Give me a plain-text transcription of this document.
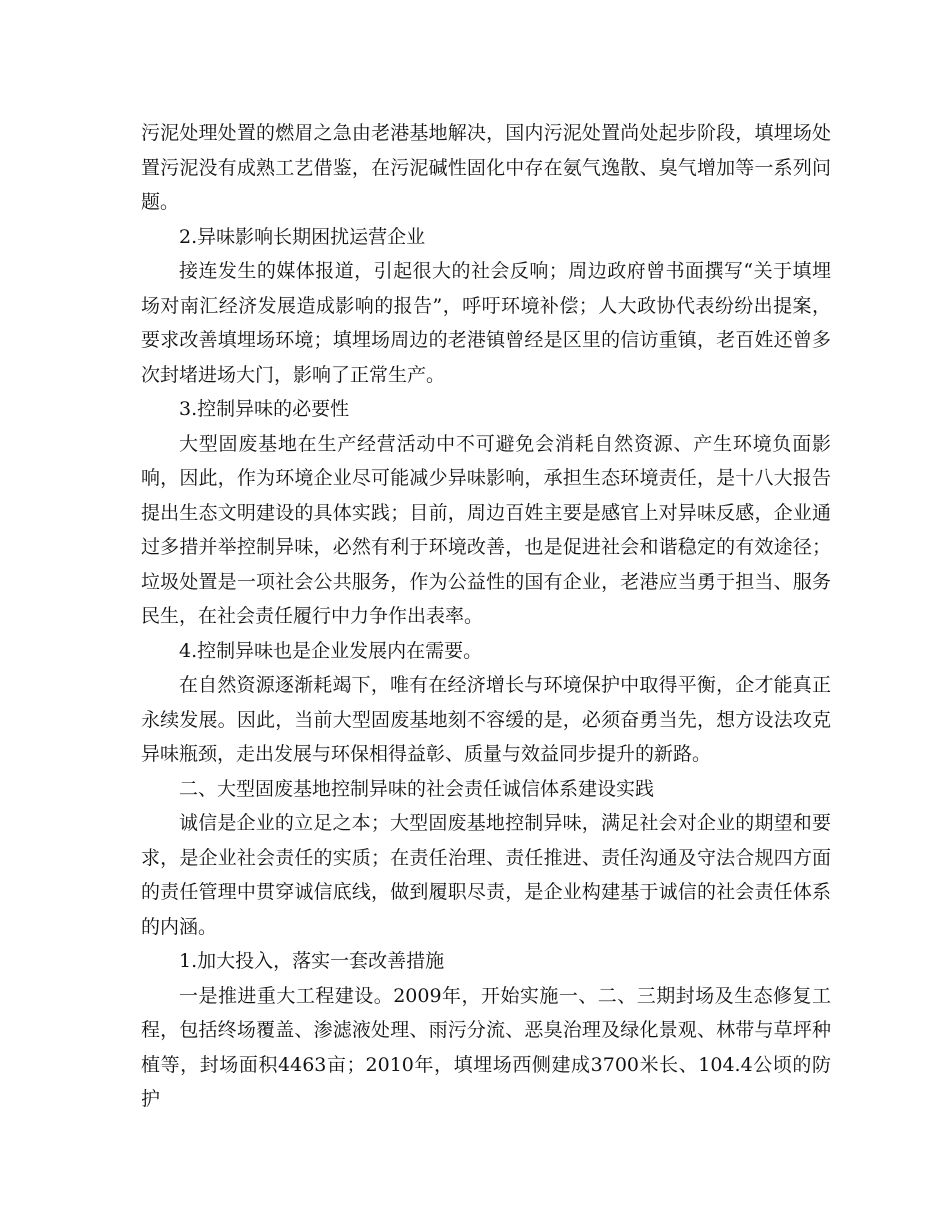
污泥处理处置的燃眉之急由老港基地解决，国内污泥处置尚处起步阶段，填埋场处置污泥没有成熟工艺借鉴，在污泥碱性固化中存在氨气逸散、臭气增加等一系列问题。

2.异味影响长期困扰运营企业

接连发生的媒体报道，引起很大的社会反响；周边政府曾书面撰写“关于填埋场对南汇经济发展造成影响的报告”，呼吁环境补偿；人大政协代表纷纷出提案，要求改善填埋场环境；填埋场周边的老港镇曾经是区里的信访重镇，老百姓还曾多次封堵进场大门，影响了正常生产。

3.控制异味的必要性

大型固废基地在生产经营活动中不可避免会消耗自然资源、产生环境负面影响，因此，作为环境企业尽可能减少异味影响，承担生态环境责任，是十八大报告提出生态文明建设的具体实践；目前，周边百姓主要是感官上对异味反感，企业通过多措并举控制异味，必然有利于环境改善，也是促进社会和谐稳定的有效途径；垃圾处置是一项社会公共服务，作为公益性的国有企业，老港应当勇于担当、服务民生，在社会责任履行中力争作出表率。

4.控制异味也是企业发展内在需要。

在自然资源逐渐耗竭下，唯有在经济增长与环境保护中取得平衡，企才能真正永续发展。因此，当前大型固废基地刻不容缓的是，必须奋勇当先，想方设法攻克异味瓶颈，走出发展与环保相得益彰、质量与效益同步提升的新路。

二、大型固废基地控制异味的社会责任诚信体系建设实践

诚信是企业的立足之本；大型固废基地控制异味，满足社会对企业的期望和要求，是企业社会责任的实质；在责任治理、责任推进、责任沟通及守法合规四方面的责任管理中贯穿诚信底线，做到履职尽责，是企业构建基于诚信的社会责任体系的内涵。

1.加大投入，落实一套改善措施

一是推进重大工程建设。2009年，开始实施一、二、三期封场及生态修复工程，包括终场覆盖、渗滤液处理、雨污分流、恶臭治理及绿化景观、林带与草坪种植等，封场面积4463亩；2010年，填埋场西侧建成3700米长、104.4公顷的防护
